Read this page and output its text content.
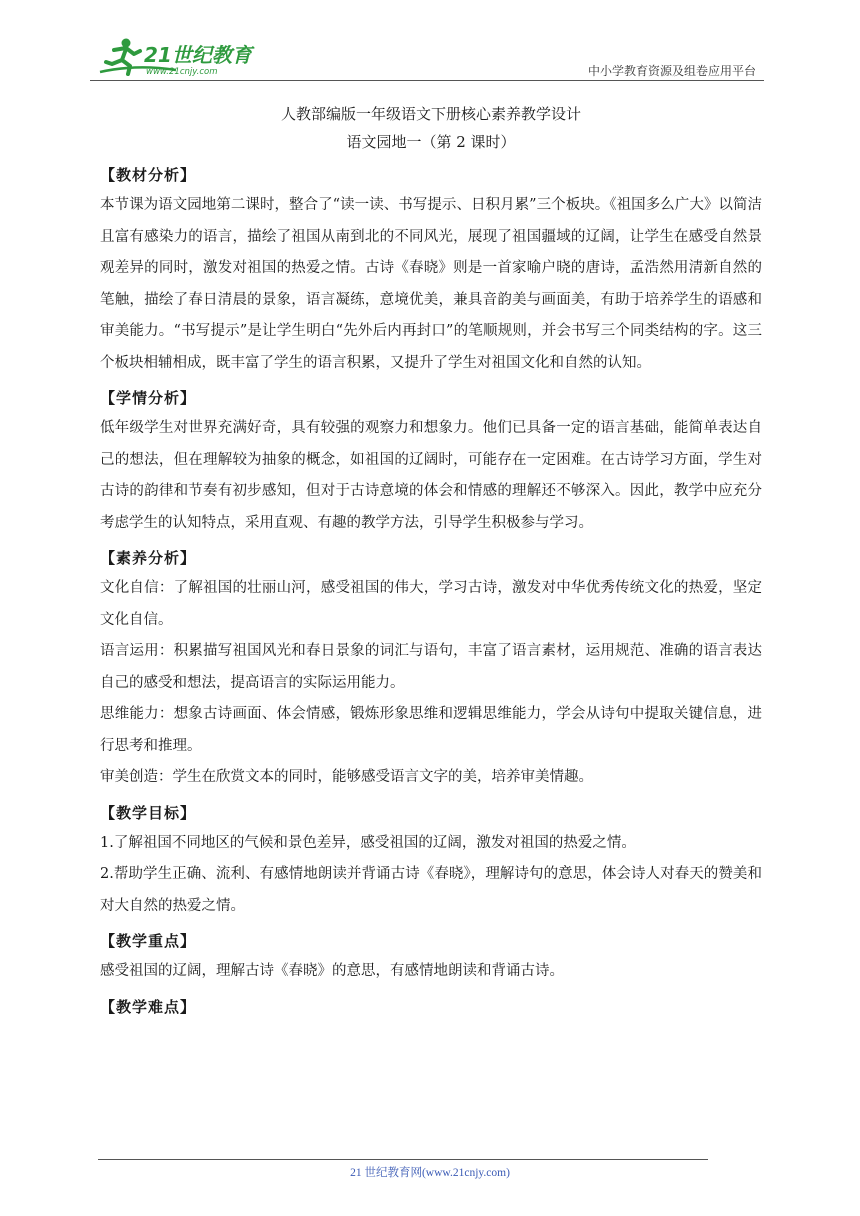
21世纪教育
www.21cnjy.com	中小学教育资源及组卷应用平台

人教部编版一年级语文下册核心素养教学设计

语文园地一（第 2 课时）

【教材分析】

本节课为语文园地第二课时，整合了“读一读、书写提示、日积月累”三个板块。《祖国多么广大》以简洁且富有感染力的语言，描绘了祖国从南到北的不同风光，展现了祖国疆域的辽阔，让学生在感受自然景观差异的同时，激发对祖国的热爱之情。古诗《春晓》则是一首家喻户晓的唐诗，孟浩然用清新自然的笔触，描绘了春日清晨的景象，语言凝练，意境优美，兼具音韵美与画面美，有助于培养学生的语感和审美能力。“书写提示”是让学生明白“先外后内再封口”的笔顺规则，并会书写三个同类结构的字。这三个板块相辅相成，既丰富了学生的语言积累，又提升了学生对祖国文化和自然的认知。

【学情分析】

低年级学生对世界充满好奇，具有较强的观察力和想象力。他们已具备一定的语言基础，能简单表达自己的想法，但在理解较为抽象的概念，如祖国的辽阔时，可能存在一定困难。在古诗学习方面，学生对古诗的韵律和节奏有初步感知，但对于古诗意境的体会和情感的理解还不够深入。因此，教学中应充分考虑学生的认知特点，采用直观、有趣的教学方法，引导学生积极参与学习。

【素养分析】

文化自信：了解祖国的壮丽山河，感受祖国的伟大，学习古诗，激发对中华优秀传统文化的热爱，坚定文化自信。

语言运用：积累描写祖国风光和春日景象的词汇与语句，丰富了语言素材，运用规范、准确的语言表达自己的感受和想法，提高语言的实际运用能力。

思维能力：想象古诗画面、体会情感，锻炼形象思维和逻辑思维能力，学会从诗句中提取关键信息，进行思考和推理。

审美创造：学生在欣赏文本的同时，能够感受语言文字的美，培养审美情趣。

【教学目标】

1.了解祖国不同地区的气候和景色差异，感受祖国的辽阔，激发对祖国的热爱之情。

2.帮助学生正确、流利、有感情地朗读并背诵古诗《春晓》，理解诗句的意思，体会诗人对春天的赞美和对大自然的热爱之情。

【教学重点】

感受祖国的辽阔，理解古诗《春晓》的意思，有感情地朗读和背诵古诗。

【教学难点】

21 世纪教育网(www.21cnjy.com)
